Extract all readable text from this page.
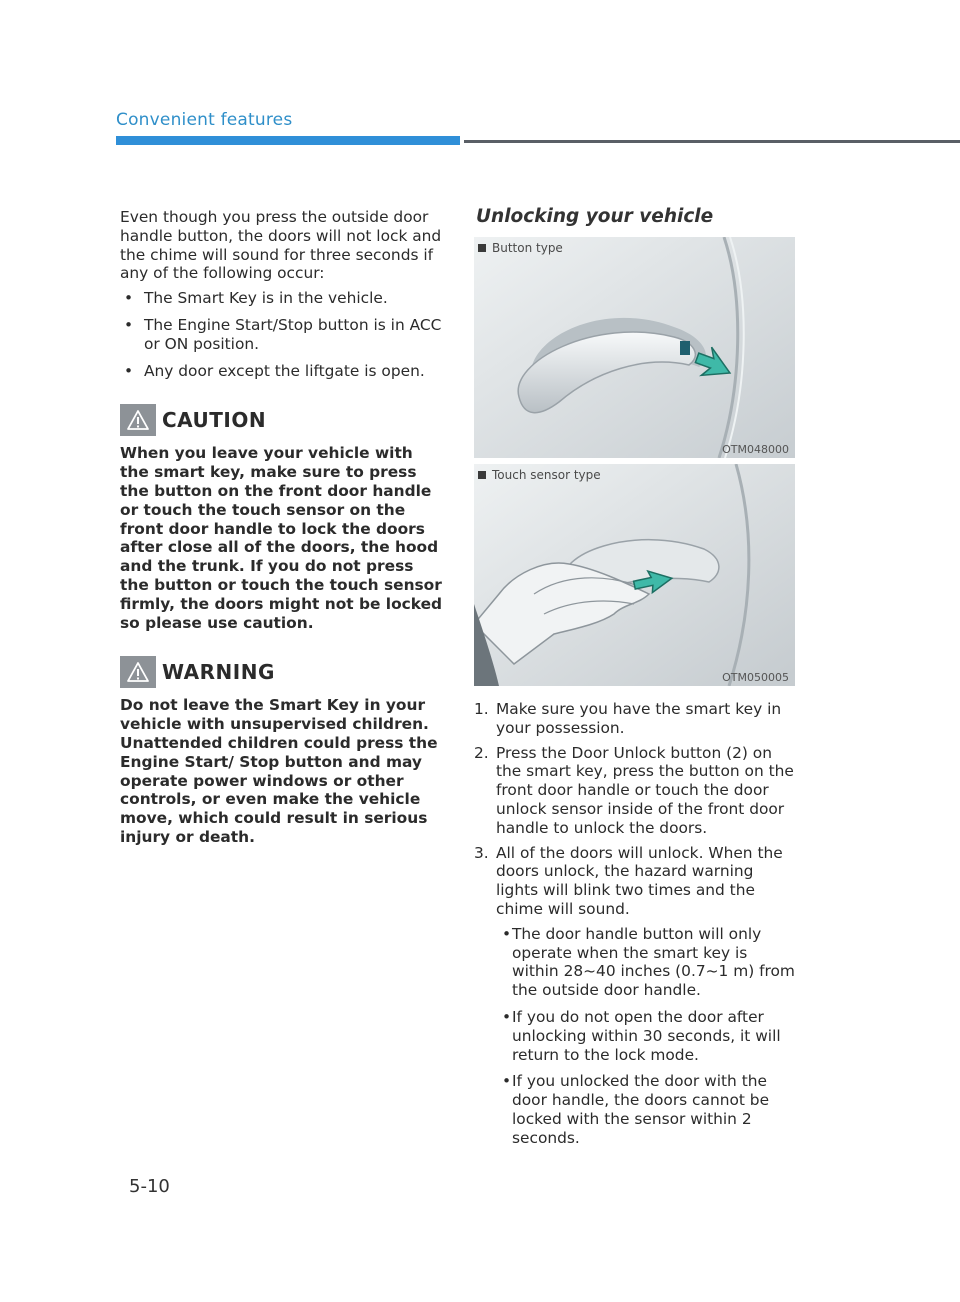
Convenient features

Even though you press the outside door handle button, the doors will not lock and the chime will sound for three seconds if any of the following occur:

• The Smart Key is in the vehicle.
• The Engine Start/Stop button is in ACC or ON position.
• Any door except the liftgate is open.
CAUTION

When you leave your vehicle with the smart key, make sure to press the button on the front door handle or touch the touch sensor on the front door handle to lock the doors after close all of the doors, the hood and the trunk. If you do not press the button or touch the touch sensor firmly, the doors might not be locked so please use caution.

WARNING

Do not leave the Smart Key in your vehicle with unsupervised children. Unattended children could press the Engine Start/ Stop button and may operate power windows or other controls, or even make the vehicle move, which could result in serious injury or death.

Unlocking your vehicle
Button type
OTM048000
Touch sensor type
OTM050005
1. Make sure you have the smart key in your possession.
2. Press the Door Unlock button (2) on the smart key, press the button on the front door handle or touch the door unlock sensor inside of the front door handle to unlock the doors.
3. All of the doors will unlock. When the doors unlock, the hazard warning lights will blink two times and the chime will sound.
• The door handle button will only operate when the smart key is within 28~40 inches (0.7~1 m) from the outside door handle.
• If you do not open the door after unlocking within 30 seconds, it will return to the lock mode.
• If you unlocked the door with the door handle, the doors cannot be locked with the sensor within 2 seconds.
5-10
